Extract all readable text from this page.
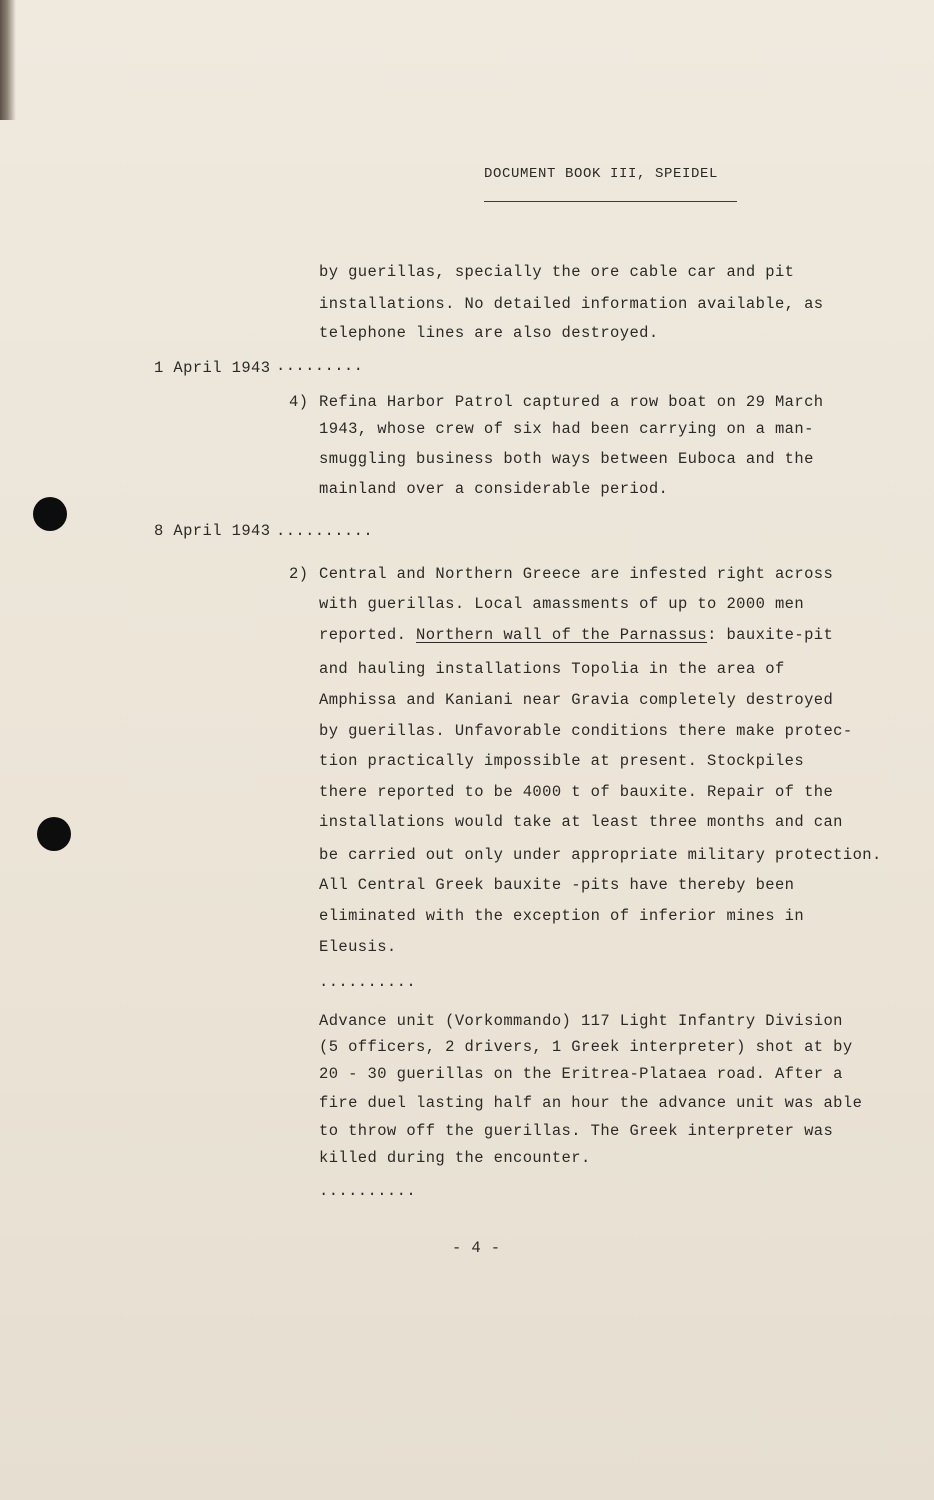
DOCUMENT BOOK III, SPEIDEL
by guerillas, specially the ore cable car and pit
installations. No detailed information available, as
telephone lines are also destroyed.
1 April 1943 .........
4) Refina Harbor Patrol captured a row boat on 29 March
1943, whose crew of six had been carrying on a man-
smuggling business both ways between Euboca and the
mainland over a considerable period.
8 April 1943 ..........
2) Central and Northern Greece are infested right across
with guerillas. Local amassments of up to 2000 men
reported. Northern wall of the Parnassus: bauxite-pit
and hauling installations Topolia in the area of
Amphissa and Kaniani near Gravia completely destroyed
by guerillas. Unfavorable conditions there make protec-
tion practically impossible at present. Stockpiles
there reported to be 4000 t of bauxite. Repair of the
installations would take at least three months and can
be carried out only under appropriate military protection.
All Central Greek bauxite -pits have thereby been
eliminated with the exception of inferior mines in
Eleusis.
..........
Advance unit (Vorkommando) 117 Light Infantry Division
(5 officers, 2 drivers, 1 Greek interpreter) shot at by
20 - 30 guerillas on the Eritrea-Plataea road. After a
fire duel lasting half an hour the advance unit was able
to throw off the guerillas. The Greek interpreter was
killed during the encounter.
..........
- 4 -
